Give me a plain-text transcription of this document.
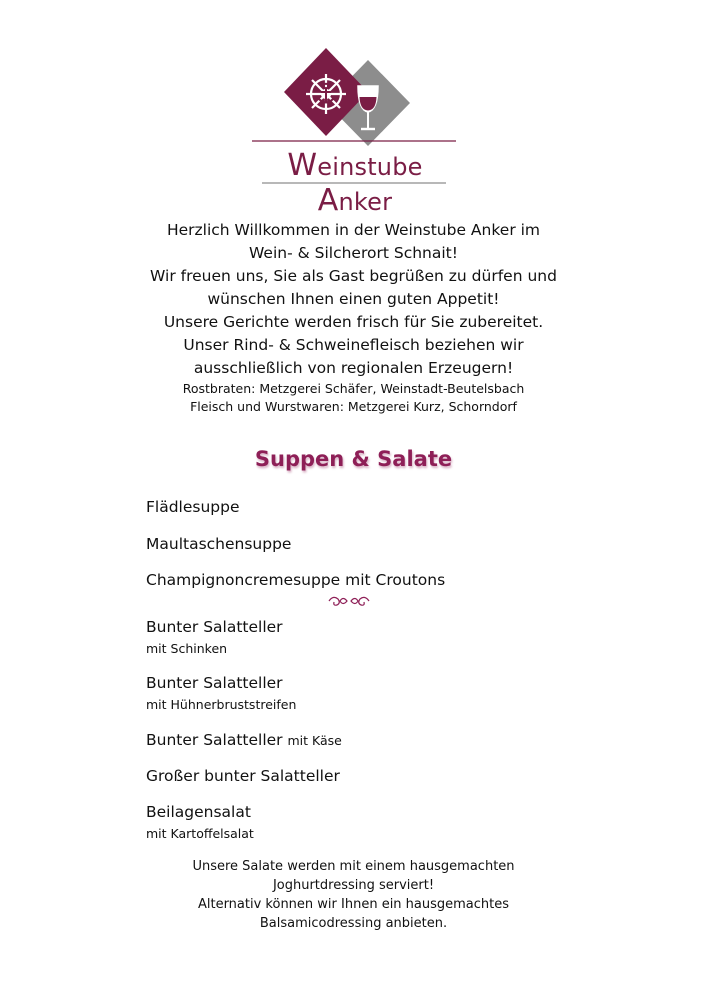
Weinstube Anker
Herzlich Willkommen in der Weinstube Anker im
Wein- & Silcherort Schnait!
Wir freuen uns, Sie als Gast begrüßen zu dürfen und
wünschen Ihnen einen guten Appetit!
Unsere Gerichte werden frisch für Sie zubereitet.
Unser Rind- & Schweinefleisch beziehen wir
ausschließlich von regionalen Erzeugern!
Rostbraten: Metzgerei Schäfer, Weinstadt-Beutelsbach
Fleisch und Wurstwaren: Metzgerei Kurz, Schorndorf
Suppen & Salate
Flädlesuppe
Maultaschensuppe
Champignoncremesuppe mit Croutons
Bunter Salatteller
mit Schinken
Bunter Salatteller
mit Hühnerbruststreifen
Bunter Salatteller mit Käse
Großer bunter Salatteller
Beilagensalat
mit Kartoffelsalat
Unsere Salate werden mit einem hausgemachten
Joghurtdressing serviert!
Alternativ können wir Ihnen ein hausgemachtes
Balsamicodressing anbieten.
